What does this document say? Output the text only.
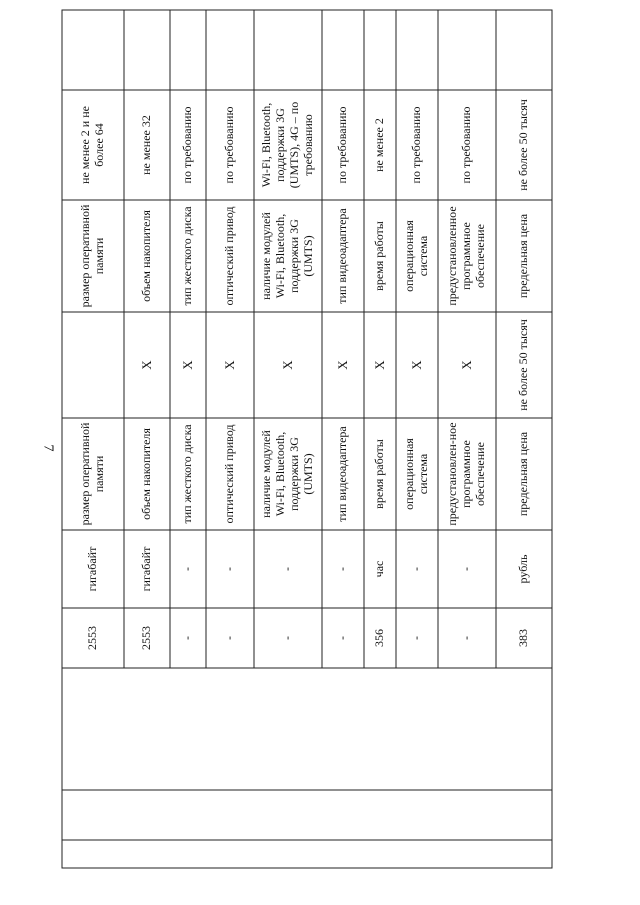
7
2553
гигабайт
размер оперативной памяти
размер оперативной памяти
не менее 2 и не более 64
2553
гигабайт
объем накопителя
X
объем накопителя
не менее 32
-
-
тип жесткого диска
X
тип жесткого диска
по требованию
-
-
оптический привод
X
оптический привод
по требованию
-
-
наличие модулей Wi-Fi, Bluetooth, поддержки 3G (UMTS)
X
наличие модулей Wi-Fi, Bluetooth, поддержки 3G (UMTS)
Wi-Fi, Bluetooth, поддержки 3G (UMTS), 4G – по требованию
-
-
тип видеоадаптера
X
тип видеоадаптера
по требованию
356
час
время работы
X
время работы
не менее 2
-
-
операционная система
X
операционная система
по требованию
-
-
предустановлен-ное программное обеспечение
X
предустановленное программное обеспечение
по требованию
383
рубль
предельная цена
не более 50 тысяч
предельная цена
не более 50 тысяч
